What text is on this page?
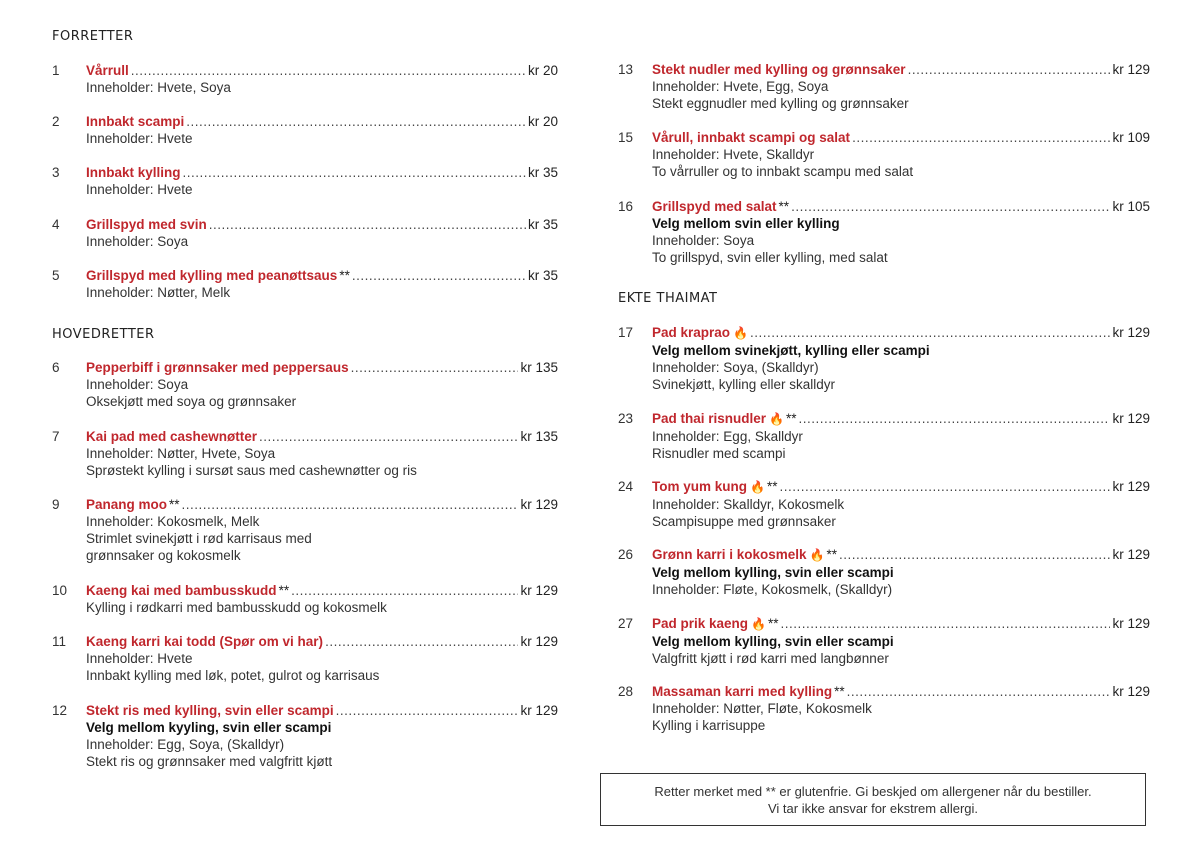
FORRETTER
1	Vårrull .....	kr 20
Inneholder: Hvete, Soya
2	Innbakt scampi .....	kr 20
Inneholder: Hvete
3	Innbakt kylling .....	kr 35
Inneholder: Hvete
4	Grillspyd med svin .....	kr 35
Inneholder: Soya
5	Grillspyd med kylling med peanøttsaus ** .....	kr 35
Inneholder: Nøtter, Melk
HOVEDRETTER
6	Pepperbiff i grønnsaker med peppersaus .....	kr 135
Inneholder: Soya
Oksekjøtt med soya og grønnsaker
7	Kai pad med cashewnøtter .....	kr 135
Inneholder: Nøtter, Hvete, Soya
Sprøstekt kylling i sursøt saus med cashewnøtter og ris
9	Panang moo ** .....	kr 129
Inneholder: Kokosmelk, Melk
Strimlet svinekjøtt i rød karrisaus med
grønnsaker og kokosmelk
10	Kaeng kai med bambusskudd ** .....	kr 129
Kylling i rødkarri med bambusskudd og kokosmelk
11	Kaeng karri kai todd (Spør om vi har) .....	kr 129
Inneholder: Hvete
Innbakt kylling med løk, potet, gulrot og karrisaus
12	Stekt ris med kylling, svin eller scampi .....	kr 129
Velg mellom kyyling, svin eller scampi
Inneholder: Egg, Soya, (Skalldyr)
Stekt ris og grønnsaker med valgfritt kjøtt
13	Stekt nudler med kylling og grønnsaker .....	kr 129
Inneholder: Hvete, Egg, Soya
Stekt eggnudler med kylling og grønnsaker
15	Vårull, innbakt scampi og salat .....	kr 109
Inneholder: Hvete, Skalldyr
To vårruller og to innbakt scampu med salat
16	Grillspyd med salat ** .....	kr 105
Velg mellom svin eller kylling
Inneholder: Soya
To grillspyd, svin eller kylling, med salat
EKTE THAIMAT
17	Pad kraprao 🔥 .....	kr 129
Velg mellom svinekjøtt, kylling eller scampi
Inneholder: Soya, (Skalldyr)
Svinekjøtt, kylling eller skalldyr
23	Pad thai risnudler 🔥 ** .....	kr 129
Inneholder: Egg, Skalldyr
Risnudler med scampi
24	Tom yum kung 🔥 ** .....	kr 129
Inneholder: Skalldyr, Kokosmelk
Scampisuppe med grønnsaker
26	Grønn karri i kokosmelk 🔥 ** .....	kr 129
Velg mellom kylling, svin eller scampi
Inneholder: Fløte, Kokosmelk, (Skalldyr)
27	Pad prik kaeng 🔥 ** .....	kr 129
Velg mellom kylling, svin eller scampi
Valgfritt kjøtt i rød karri med langbønner
28	Massaman karri med kylling ** .....	kr 129
Inneholder: Nøtter, Fløte, Kokosmelk
Kylling i karrisuppe
Retter merket med ** er glutenfrie. Gi beskjed om allergener når du bestiller.
Vi tar ikke ansvar for ekstrem allergi.
